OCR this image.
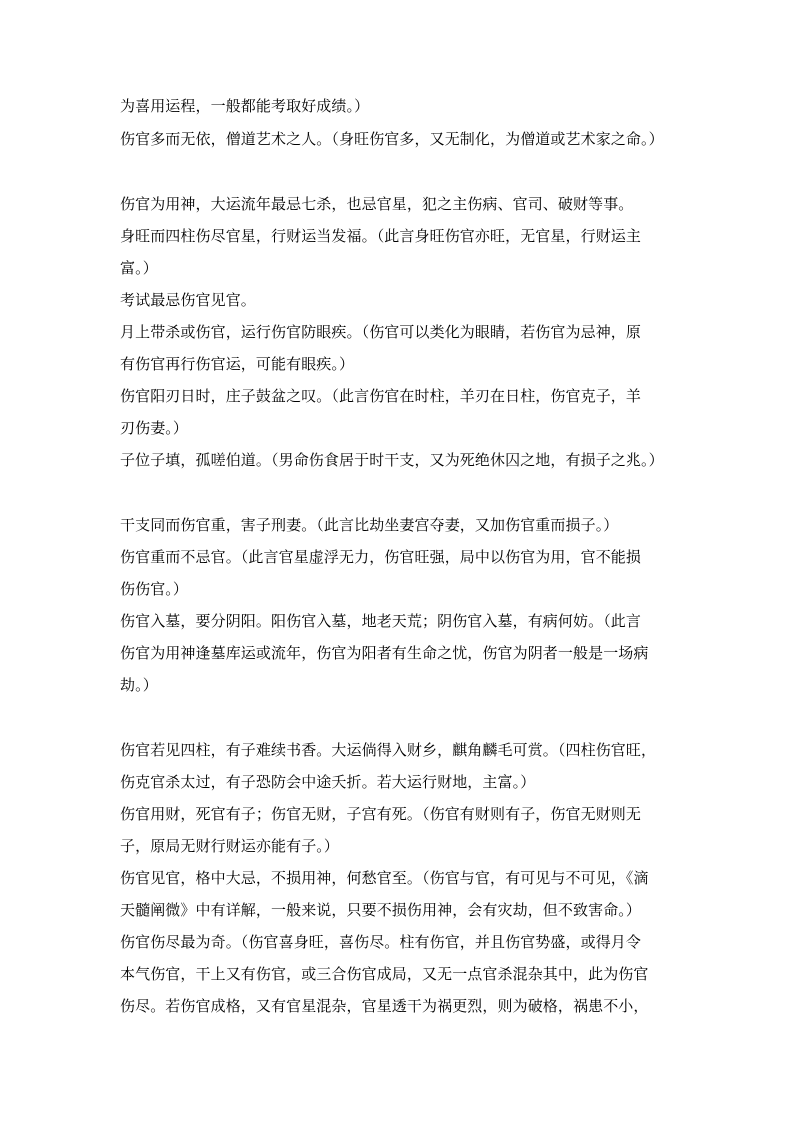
为喜用运程，一般都能考取好成绩。）
伤官多而无依，僧道艺术之人。（身旺伤官多，又无制化，为僧道或艺术家之命。）
伤官为用神，大运流年最忌七杀，也忌官星，犯之主伤病、官司、破财等事。
身旺而四柱伤尽官星，行财运当发福。（此言身旺伤官亦旺，无官星，行财运主
富。）
考试最忌伤官见官。
月上带杀或伤官，运行伤官防眼疾。（伤官可以类化为眼睛，若伤官为忌神，原
有伤官再行伤官运，可能有眼疾。）
伤官阳刃日时，庄子鼓盆之叹。（此言伤官在时柱，羊刃在日柱，伤官克子，羊
刃伤妻。）
子位子填，孤嗟伯道。（男命伤食居于时干支，又为死绝休囚之地，有损子之兆。）
干支同而伤官重，害子刑妻。（此言比劫坐妻宫夺妻，又加伤官重而损子。）
伤官重而不忌官。（此言官星虚浮无力，伤官旺强，局中以伤官为用，官不能损
伤伤官。）
伤官入墓，要分阴阳。阳伤官入墓，地老天荒；阴伤官入墓，有病何妨。（此言
伤官为用神逢墓库运或流年，伤官为阳者有生命之忧，伤官为阴者一般是一场病
劫。）
伤官若见四柱，有子难续书香。大运倘得入财乡，麒角麟毛可赏。（四柱伤官旺，
伤克官杀太过，有子恐防会中途夭折。若大运行财地，主富。）
伤官用财，死官有子；伤官无财，子宫有死。（伤官有财则有子，伤官无财则无
子，原局无财行财运亦能有子。）
伤官见官，格中大忌，不损用神，何愁官至。（伤官与官，有可见与不可见，《滴
天髓阐微》中有详解，一般来说，只要不损伤用神，会有灾劫，但不致害命。）
伤官伤尽最为奇。（伤官喜身旺，喜伤尽。柱有伤官，并且伤官势盛，或得月令
本气伤官，干上又有伤官，或三合伤官成局，又无一点官杀混杂其中，此为伤官
伤尽。若伤官成格，又有官星混杂，官星透干为祸更烈，则为破格，祸患不小，
